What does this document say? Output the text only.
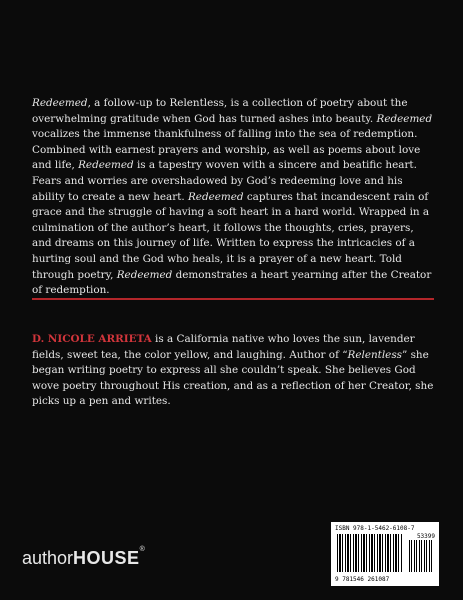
Redeemed, a follow-up to Relentless, is a collection of poetry about the overwhelming gratitude when God has turned ashes into beauty. Redeemed vocalizes the immense thankfulness of falling into the sea of redemption. Combined with earnest prayers and worship, as well as poems about love and life, Redeemed is a tapestry woven with a sincere and beatific heart. Fears and worries are overshadowed by God’s redeeming love and his ability to create a new heart. Redeemed captures that incandescent rain of grace and the struggle of having a soft heart in a hard world. Wrapped in a culmination of the author’s heart, it follows the thoughts, cries, prayers, and dreams on this journey of life. Written to express the intricacies of a hurting soul and the God who heals, it is a prayer of a new heart. Told through poetry, Redeemed demonstrates a heart yearning after the Creator of redemption.

D. NICOLE ARRIETA is a California native who loves the sun, lavender fields, sweet tea, the color yellow, and laughing. Author of “Relentless” she began writing poetry to express all she couldn’t speak. She believes God wove poetry throughout His creation, and as a reflection of her Creator, she picks up a pen and writes.

ISBN 978-1-5462-6108-7
53399
9 781546 261087
authorHOUSE®
